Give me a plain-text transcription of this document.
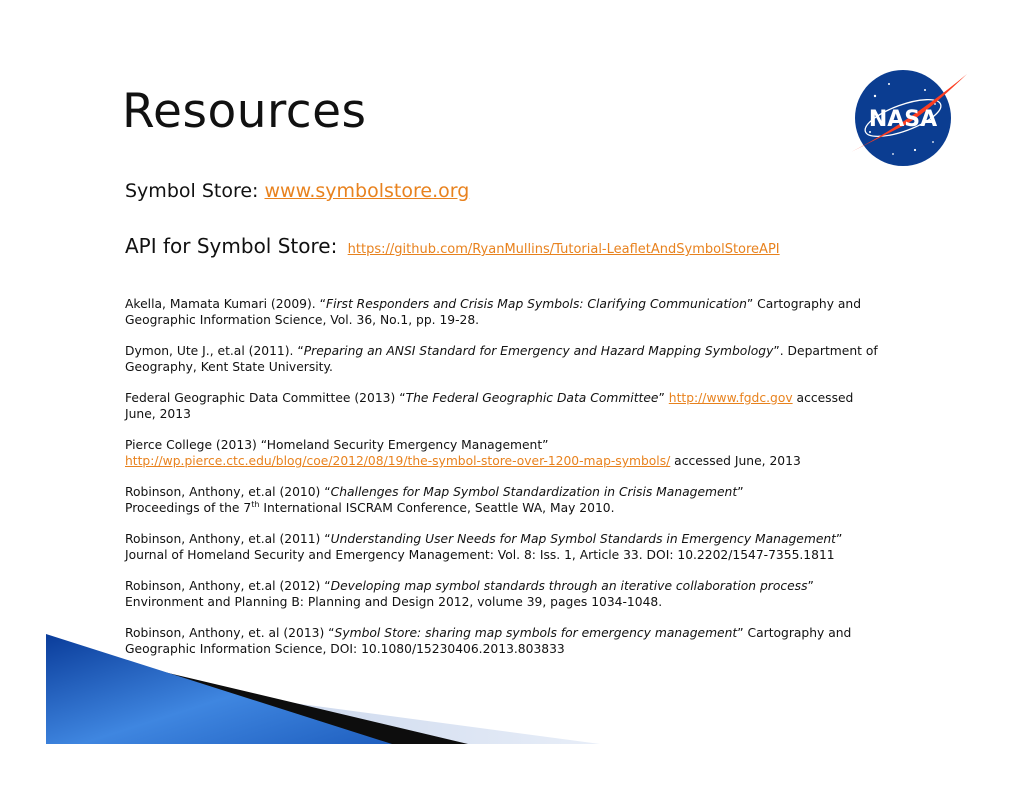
Resources	NASA
Symbol Store: www.symbolstore.org
API for Symbol Store: https://github.com/RyanMullins/Tutorial-LeafletAndSymbolStoreAPI

Akella, Mamata Kumari (2009). “First Responders and Crisis Map Symbols: Clarifying Communication” Cartography and Geographic Information Science, Vol. 36, No.1, pp. 19-28.

Dymon, Ute J., et.al (2011). “Preparing an ANSI Standard for Emergency and Hazard Mapping Symbology”. Department of Geography, Kent State University.

Federal Geographic Data Committee (2013) “The Federal Geographic Data Committee” http://www.fgdc.gov accessed June, 2013

Pierce College (2013) “Homeland Security Emergency Management”
http://wp.pierce.ctc.edu/blog/coe/2012/08/19/the-symbol-store-over-1200-map-symbols/ accessed June, 2013

Robinson, Anthony, et.al (2010) “Challenges for Map Symbol Standardization in Crisis Management”
Proceedings of the 7th International ISCRAM Conference, Seattle WA, May 2010.

Robinson, Anthony, et.al (2011) “Understanding User Needs for Map Symbol Standards in Emergency Management”
Journal of Homeland Security and Emergency Management: Vol. 8: Iss. 1, Article 33. DOI: 10.2202/1547-7355.1811

Robinson, Anthony, et.al (2012) “Developing map symbol standards through an iterative collaboration process”
Environment and Planning B: Planning and Design 2012, volume 39, pages 1034-1048.

Robinson, Anthony, et. al (2013) “Symbol Store: sharing map symbols for emergency management” Cartography and Geographic Information Science, DOI: 10.1080/15230406.2013.803833
